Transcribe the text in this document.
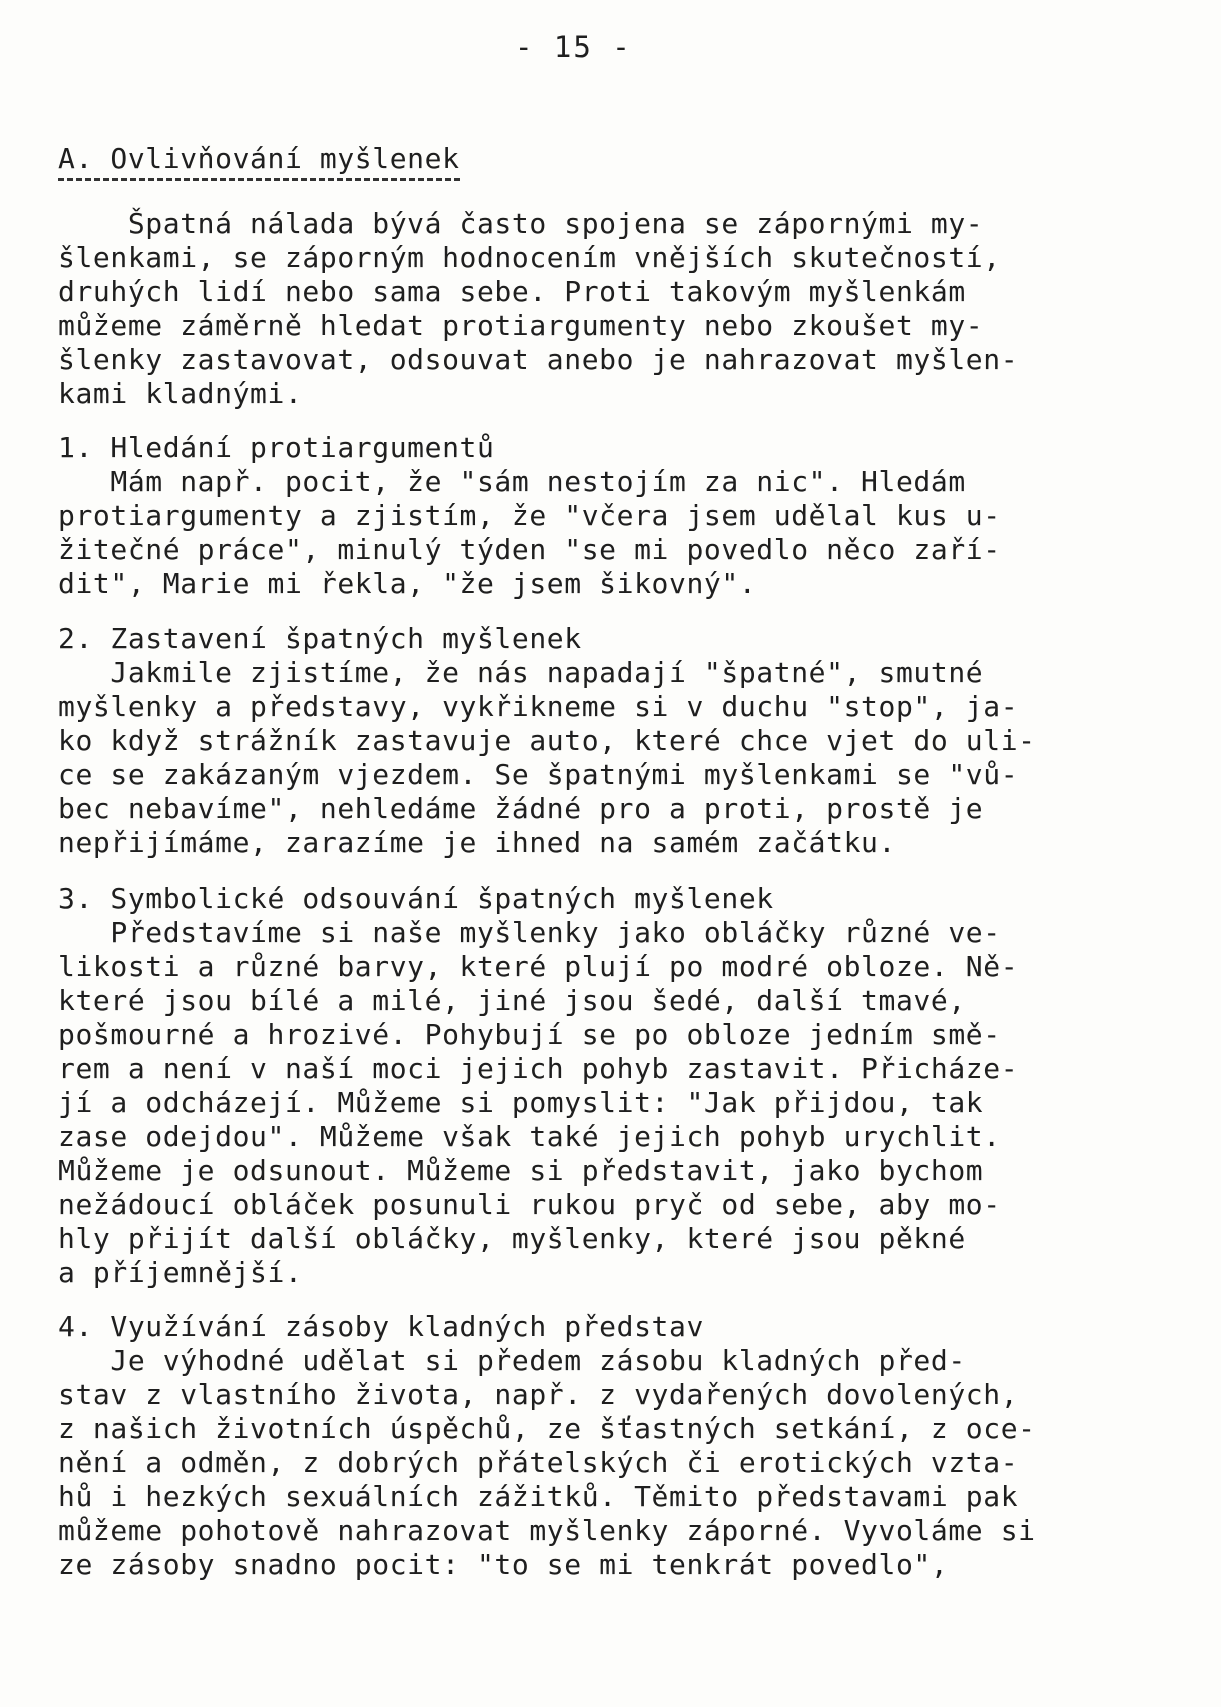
- 15 -
A. Ovlivňování myšlenek
Špatná nálada bývá často spojena se zápornými my-
šlenkami, se záporným hodnocením vnějších skutečností,
druhých lidí nebo sama sebe. Proti takovým myšlenkám
můžeme záměrně hledat protiargumenty nebo zkoušet my-
šlenky zastavovat, odsouvat anebo je nahrazovat myšlen-
kami kladnými.
1. Hledání protiargumentů
Mám např. pocit, že "sám nestojím za nic". Hledám
protiargumenty a zjistím, že "včera jsem udělal kus u-
žitečné práce", minulý týden "se mi povedlo něco zaří-
dit", Marie mi řekla, "že jsem šikovný".
2. Zastavení špatných myšlenek
Jakmile zjistíme, že nás napadají "špatné", smutné
myšlenky a představy, vykřikneme si v duchu "stop", ja-
ko když strážník zastavuje auto, které chce vjet do uli-
ce se zakázaným vjezdem. Se špatnými myšlenkami se "vů-
bec nebavíme", nehledáme žádné pro a proti, prostě je
nepřijímáme, zarazíme je ihned na samém začátku.
3. Symbolické odsouvání špatných myšlenek
Představíme si naše myšlenky jako obláčky různé ve-
likosti a různé barvy, které plují po modré obloze. Ně-
které jsou bílé a milé, jiné jsou šedé, další tmavé,
pošmourné a hrozivé. Pohybují se po obloze jedním smě-
rem a není v naší moci jejich pohyb zastavit. Přicháze-
jí a odcházejí. Můžeme si pomyslit: "Jak přijdou, tak
zase odejdou". Můžeme však také jejich pohyb urychlit.
Můžeme je odsunout. Můžeme si představit, jako bychom
nežádoucí obláček posunuli rukou pryč od sebe, aby mo-
hly přijít další obláčky, myšlenky, které jsou pěkné
a příjemnější.
4. Využívání zásoby kladných představ
Je výhodné udělat si předem zásobu kladných před-
stav z vlastního života, např. z vydařených dovolených,
z našich životních úspěchů, ze šťastných setkání, z oce-
nění a odměn, z dobrých přátelských či erotických vzta-
hů i hezkých sexuálních zážitků. Těmito představami pak
můžeme pohotově nahrazovat myšlenky záporné. Vyvoláme si
ze zásoby snadno pocit: "to se mi tenkrát povedlo",
